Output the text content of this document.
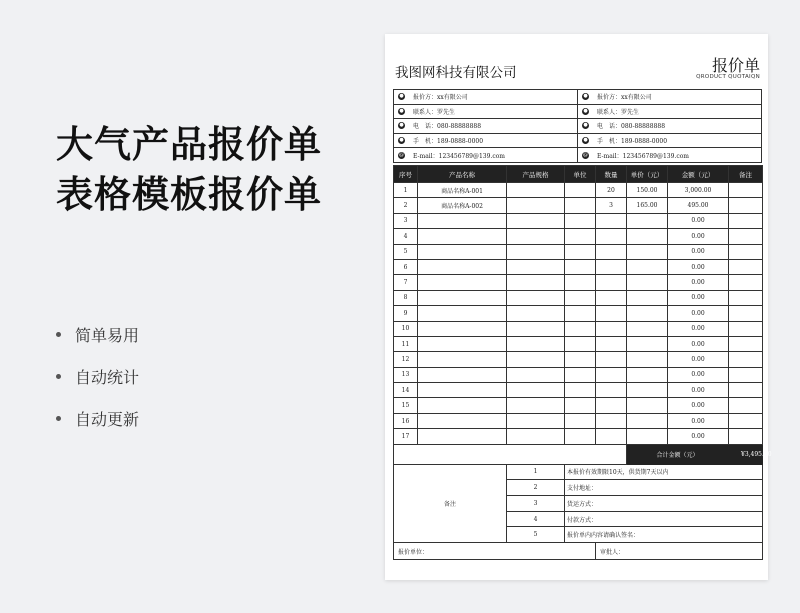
大气产品报价单
表格模板报价单
简单易用
自动统计
自动更新
我图网科技有限公司	报价单
QRODUCT QUOTAIQN
● 报价方：xx有限公司	● 报价方：xx有限公司
● 联系人：罗先生	● 联系人：罗先生
● 电　话：080-88888888	● 电　话：080-88888888
● 手　机：189-0888-0000	● 手　机：189-0888-0000
@ E-mail：123456789@139.com	@ E-mail：123456789@139.com
序号	产品名称	产品规格	单位	数量	单价（元）	金额（元）	备注
1	商品名称A-001			20	150.00	3,000.00	
2	商品名称A-002			3	165.00	495.00	
3						0.00	
4						0.00	
5						0.00	
6						0.00	
7						0.00	
8						0.00	
9						0.00	
10						0.00	
11						0.00	
12						0.00	
13						0.00	
14						0.00	
15						0.00	
16						0.00	
17						0.00	
					合计金额（元）		¥3,495.00
备注		1	本报价有效期限10天，供货期7天以内				
		2	支付地址：				
		3	货运方式：				
		4	付款方式：				
		5	报价单内内容请确认签名：				
报价单位：				审批人：			
